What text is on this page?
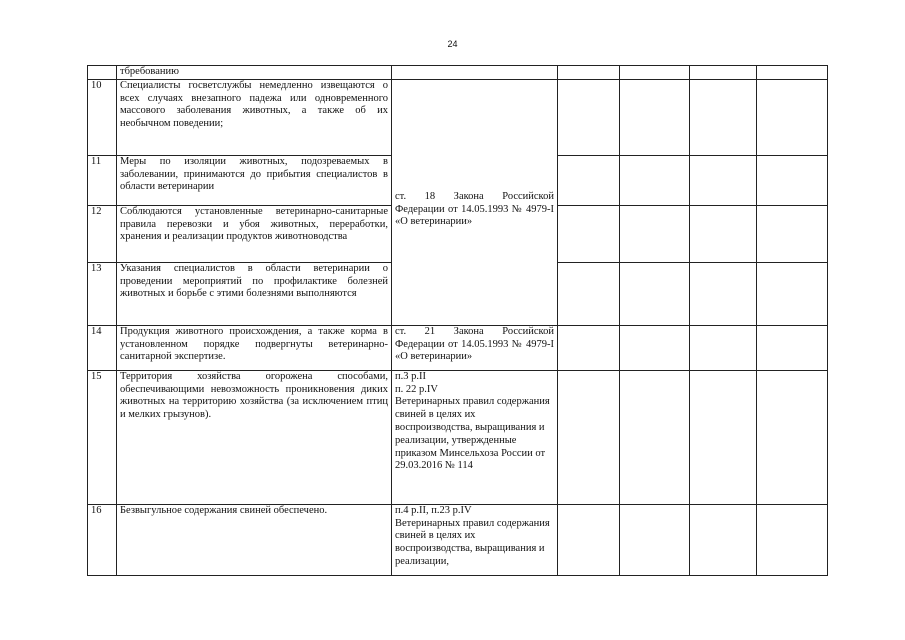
24
	тбребованию					
10	Специалисты госветслужбы немедленно извещаются о всех случаях внезапного падежа или одновременного массового заболевания животных, а также об их необычном поведении;	ст. 18 Закона Российской Федерации от 14.05.1993 № 4979-I «О ветеринарии»				

11	Меры по изоляции животных, подозреваемых в заболевании, принимаются до прибытия специалистов в области ветеринарии					
12	Соблюдаются установленные ветеринарно-санитарные правила перевозки и убоя животных, переработки, хранения и реализации продуктов животноводства					
13	Указания специалистов в области ветеринарии о проведении мероприятий по профилактике болезней животных и борьбе с этими болезнями выполняются					
14	Продукция животного происхождения, а также корма в установленном порядке подвергнуты ветеринарно-санитарной экспертизе.	ст. 21 Закона Российской Федерации от 14.05.1993 № 4979-I «О ветеринарии»				
15	Территория хозяйства огорожена способами, обеспечивающими невозможность проникновения диких животных на территорию хозяйства (за исключением птиц и мелких грызунов).	п.3 р.II
п. 22 р.IV
Ветеринарных правил содержания свиней в целях их воспроизводства, выращивания и реализации, утвержденные приказом Минсельхоза России от 29.03.2016 № 114				

16	Безвыгульное содержания свиней обеспечено.	п.4 р.II, п.23 р.IV
Ветеринарных правил содержания свиней в целях их воспроизводства, выращивания и реализации,				
